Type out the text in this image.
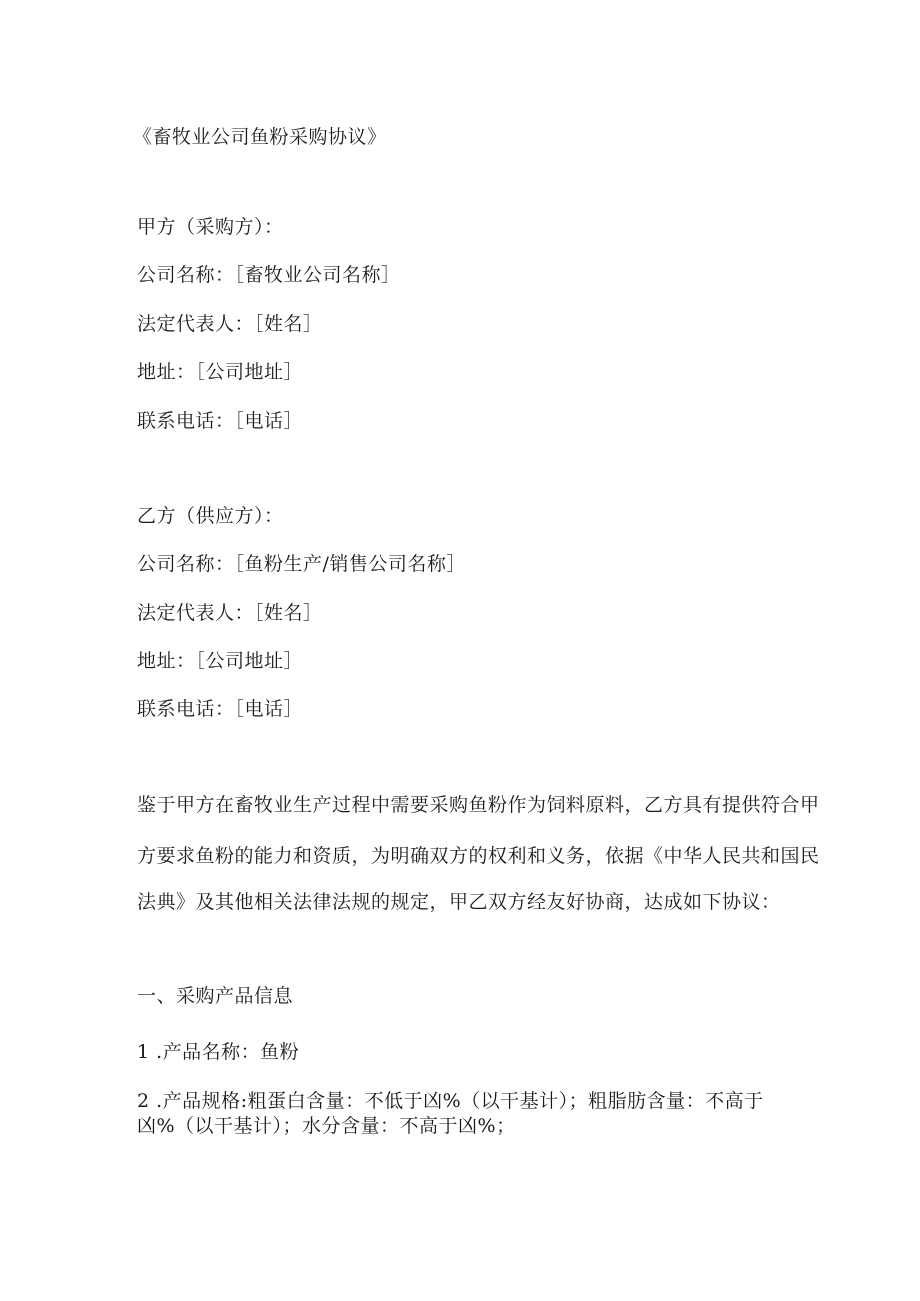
《畜牧业公司鱼粉采购协议》
甲方（采购方）：
公司名称：［畜牧业公司名称］
法定代表人：［姓名］
地址：［公司地址］
联系电话：［电话］
乙方（供应方）：
公司名称：［鱼粉生产/销售公司名称］
法定代表人：［姓名］
地址：［公司地址］
联系电话：［电话］
鉴于甲方在畜牧业生产过程中需要采购鱼粉作为饲料原料，乙方具有提供符合甲
方要求鱼粉的能力和资质，为明确双方的权利和义务，依据《中华人民共和国民
法典》及其他相关法律法规的规定，甲乙双方经友好协商，达成如下协议：
一、采购产品信息
1 .产品名称：鱼粉
2 .产品规格:粗蛋白含量：不低于凶%（以干基计）；粗脂肪含量：不高于
凶%（以干基计）；水分含量：不高于凶%；
